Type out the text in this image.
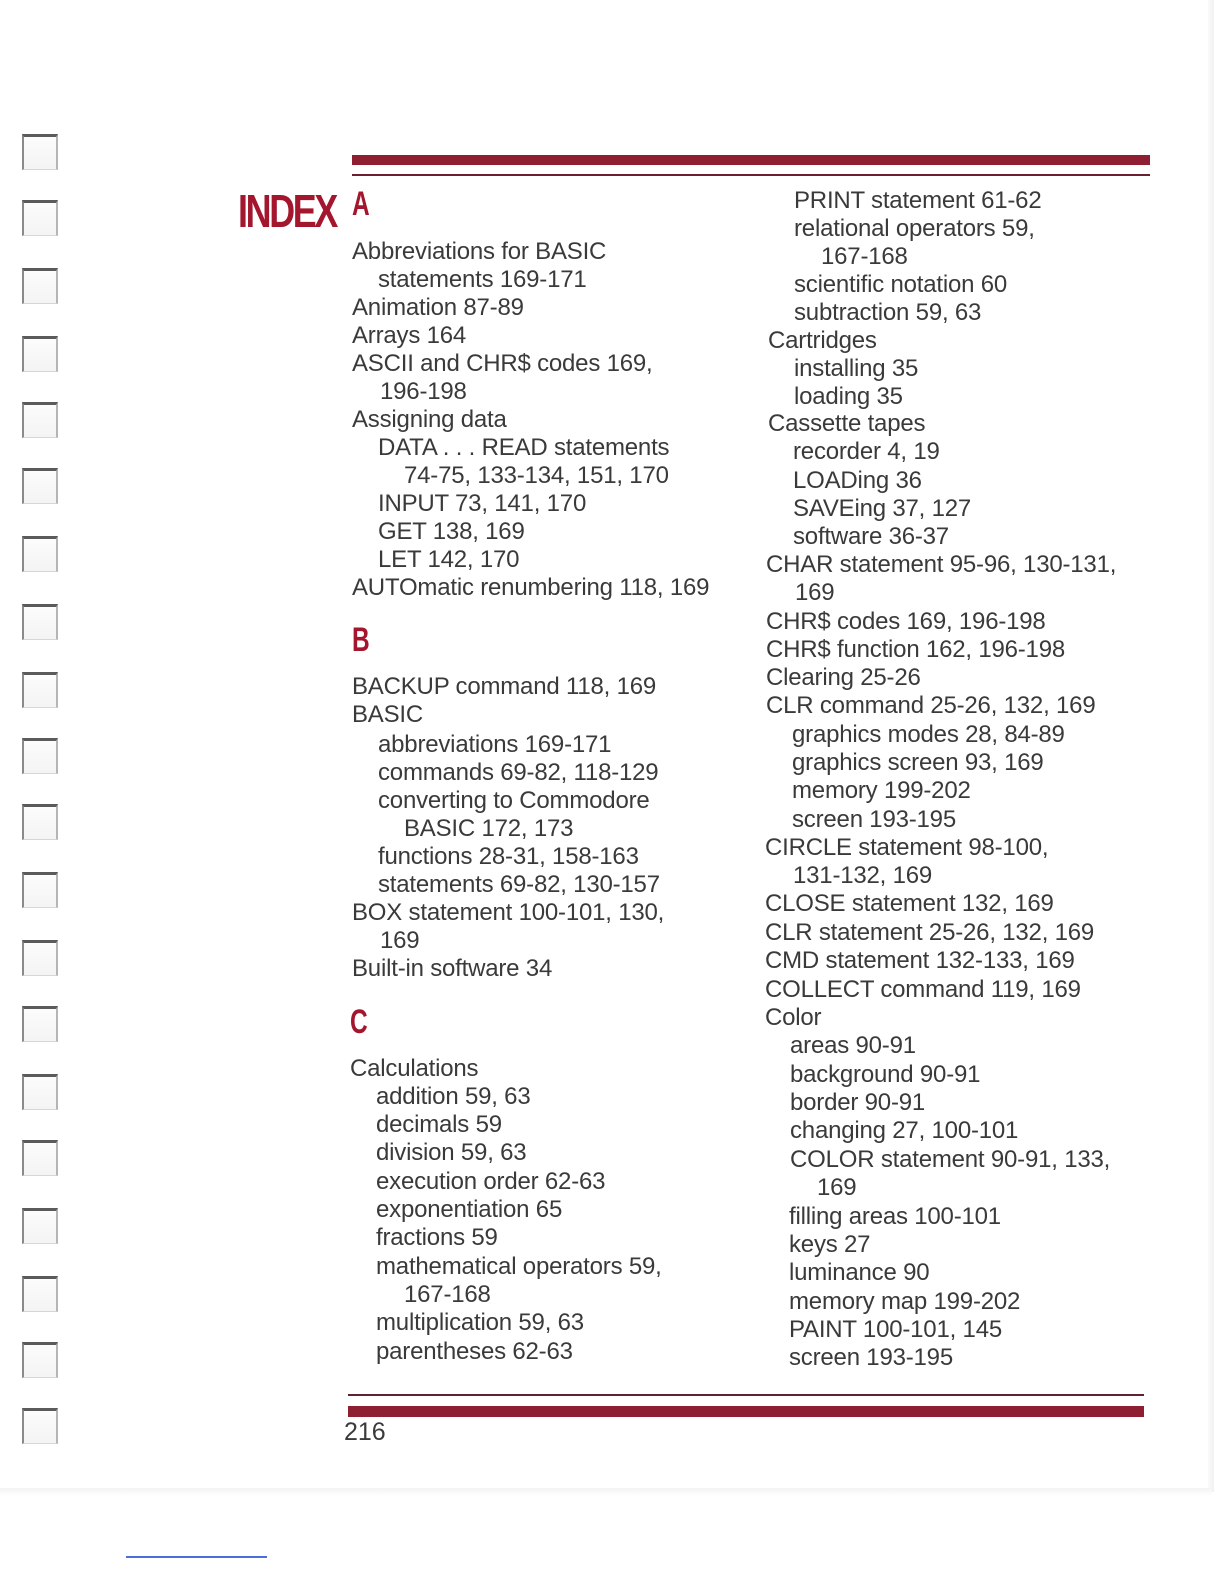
INDEX A
Abbreviations for BASIC
statements 169-171
Animation 87-89
Arrays 164
ASCII and CHR$ codes 169,
196-198
Assigning data
DATA . . . READ statements
74-75, 133-134, 151, 170
INPUT 73, 141, 170
GET 138, 169
LET 142, 170
AUTOmatic renumbering 118, 169
B
BACKUP command 118, 169
BASIC
abbreviations 169-171
commands 69-82, 118-129
converting to Commodore
BASIC 172, 173
functions 28-31, 158-163
statements 69-82, 130-157
BOX statement 100-101, 130,
169
Built-in software 34
C
Calculations
addition 59, 63
decimals 59
division 59, 63
execution order 62-63
exponentiation 65
fractions 59
mathematical operators 59,
167-168
multiplication 59, 63
parentheses 62-63
PRINT statement 61-62
relational operators 59,
167-168
scientific notation 60
subtraction 59, 63
Cartridges
installing 35
loading 35
Cassette tapes
recorder 4, 19
LOADing 36
SAVEing 37, 127
software 36-37
CHAR statement 95-96, 130-131,
169
CHR$ codes 169, 196-198
CHR$ function 162, 196-198
Clearing 25-26
CLR command 25-26, 132, 169
graphics modes 28, 84-89
graphics screen 93, 169
memory 199-202
screen 193-195
CIRCLE statement 98-100,
131-132, 169
CLOSE statement 132, 169
CLR statement 25-26, 132, 169
CMD statement 132-133, 169
COLLECT command 119, 169
Color
areas 90-91
background 90-91
border 90-91
changing 27, 100-101
COLOR statement 90-91, 133,
169
filling areas 100-101
keys 27
luminance 90
memory map 199-202
PAINT 100-101, 145
screen 193-195
216
